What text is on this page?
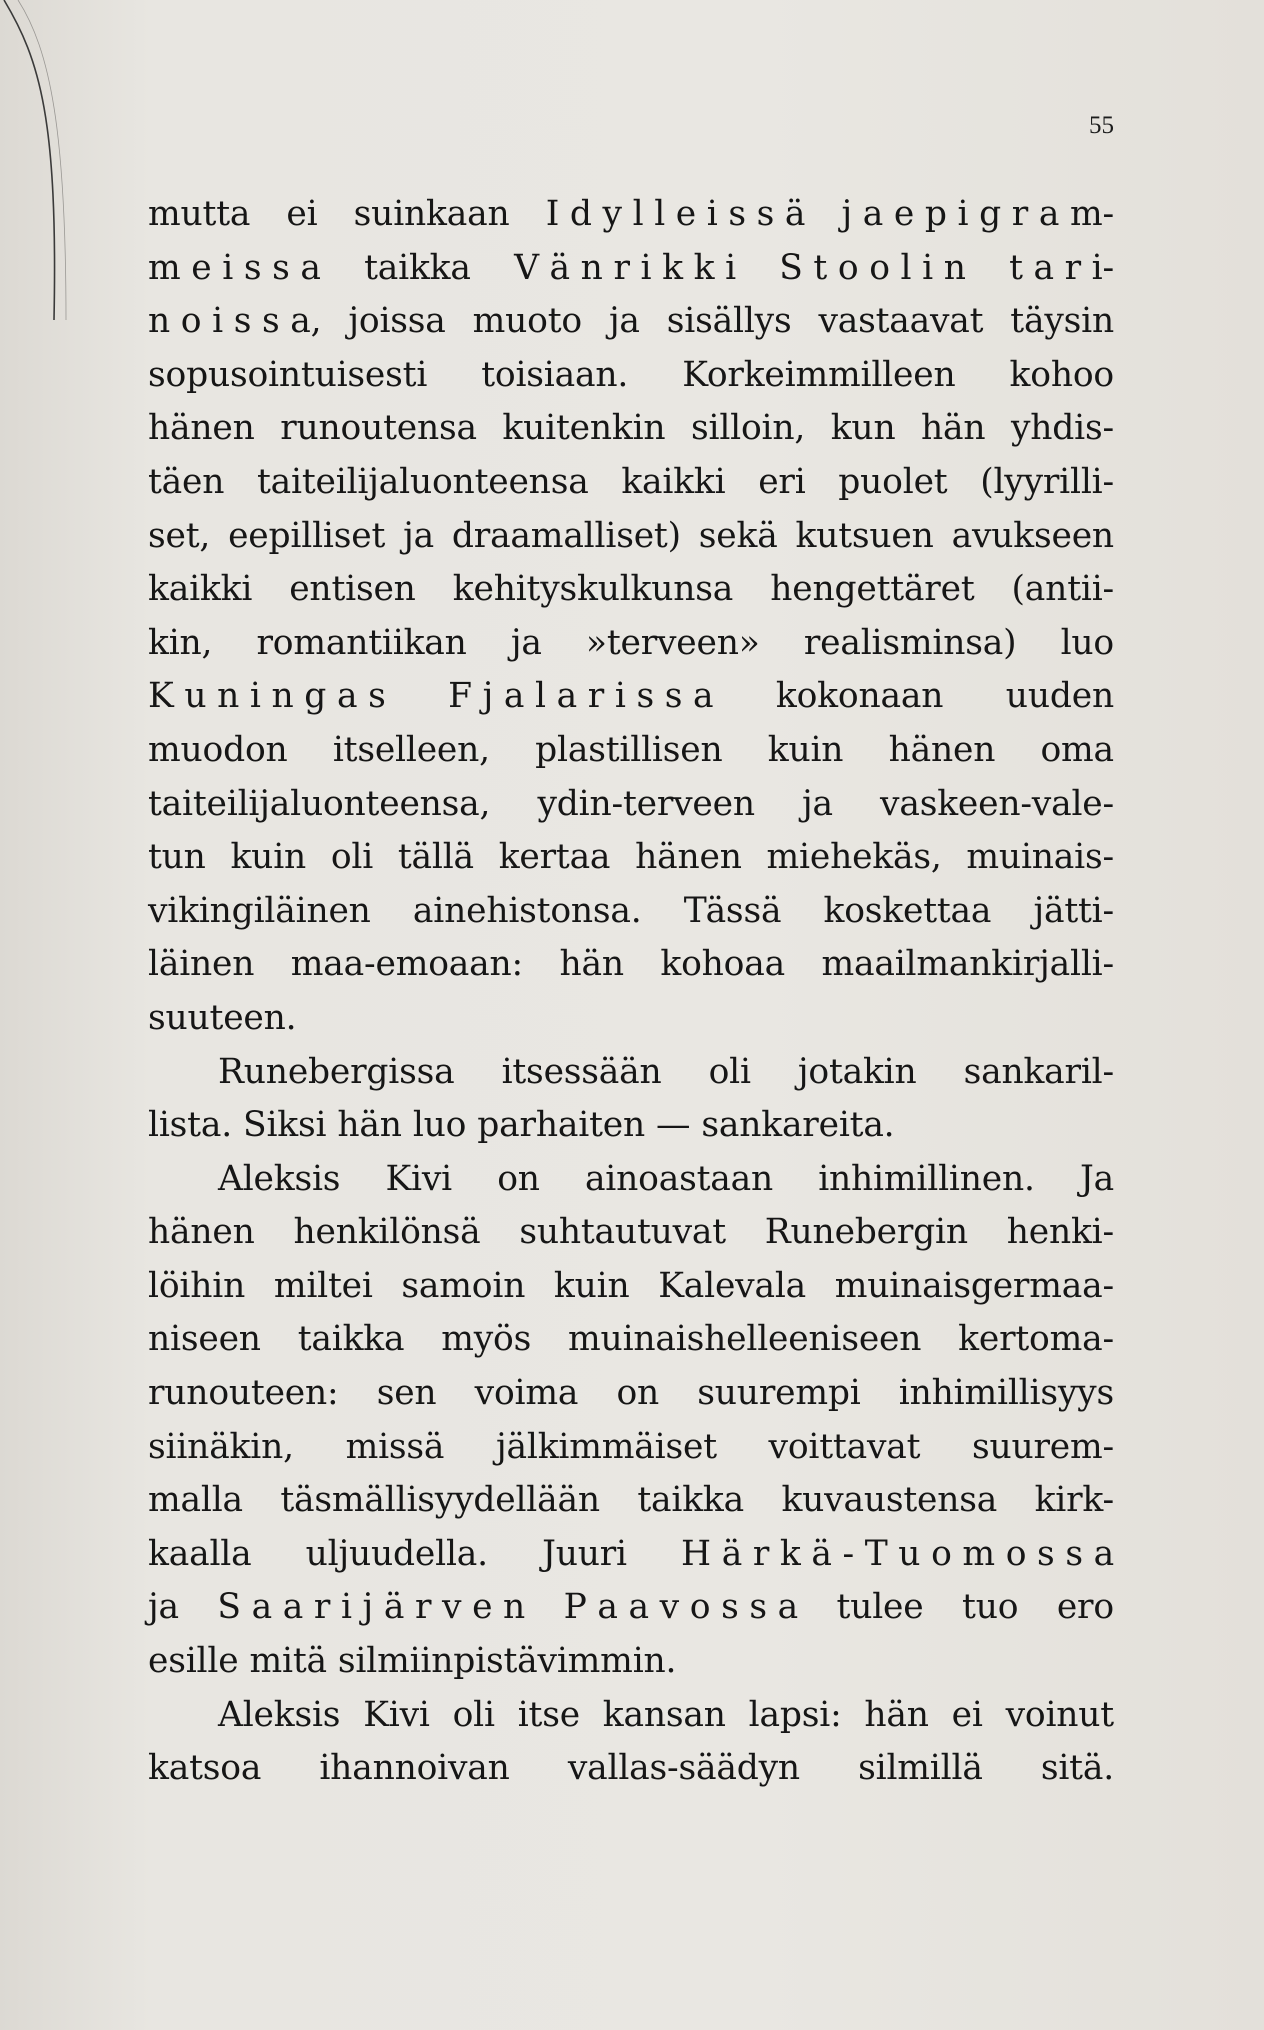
55
mutta ei suinkaan I d y l l e i s s ä j a e p i g r a m-
m e i s s a taikka V ä n r i k k i S t o o l i n t a r i-
n o i s s a, joissa muoto ja sisällys vastaavat täysin
sopusointuisesti toisiaan. Korkeimmilleen kohoo
hänen runoutensa kuitenkin silloin, kun hän yhdis-
täen taiteilijaluonteensa kaikki eri puolet (lyyrilli-
set, eepilliset ja draamalliset) sekä kutsuen avukseen
kaikki entisen kehityskulkunsa hengettäret (antii-
kin, romantiikan ja »terveen» realisminsa) luo
K u n i n g a s F j a l a r i s s a kokonaan uuden
muodon itselleen, plastillisen kuin hänen oma
taiteilijaluonteensa, ydin-terveen ja vaskeen-vale-
tun kuin oli tällä kertaa hänen miehekäs, muinais-
vikingiläinen ainehistonsa. Tässä koskettaa jätti-
läinen maa-emoaan: hän kohoaa maailmankirjalli-
suuteen.
Runebergissa itsessään oli jotakin sankaril-
lista. Siksi hän luo parhaiten — sankareita.
Aleksis Kivi on ainoastaan inhimillinen. Ja
hänen henkilönsä suhtautuvat Runebergin henki-
löihin miltei samoin kuin Kalevala muinaisgermaa-
niseen taikka myös muinaishelleeniseen kertoma-
runouteen: sen voima on suurempi inhimillisyys
siinäkin, missä jälkimmäiset voittavat suurem-
malla täsmällisyydellään taikka kuvaustensa kirk-
kaalla uljuudella. Juuri H ä r k ä - T u o m o s s a
ja S a a r i j ä r v e n P a a v o s s a tulee tuo ero
esille mitä silmiinpistävimmin.
Aleksis Kivi oli itse kansan lapsi: hän ei voinut
katsoa ihannoivan vallas-säädyn silmillä sitä.
